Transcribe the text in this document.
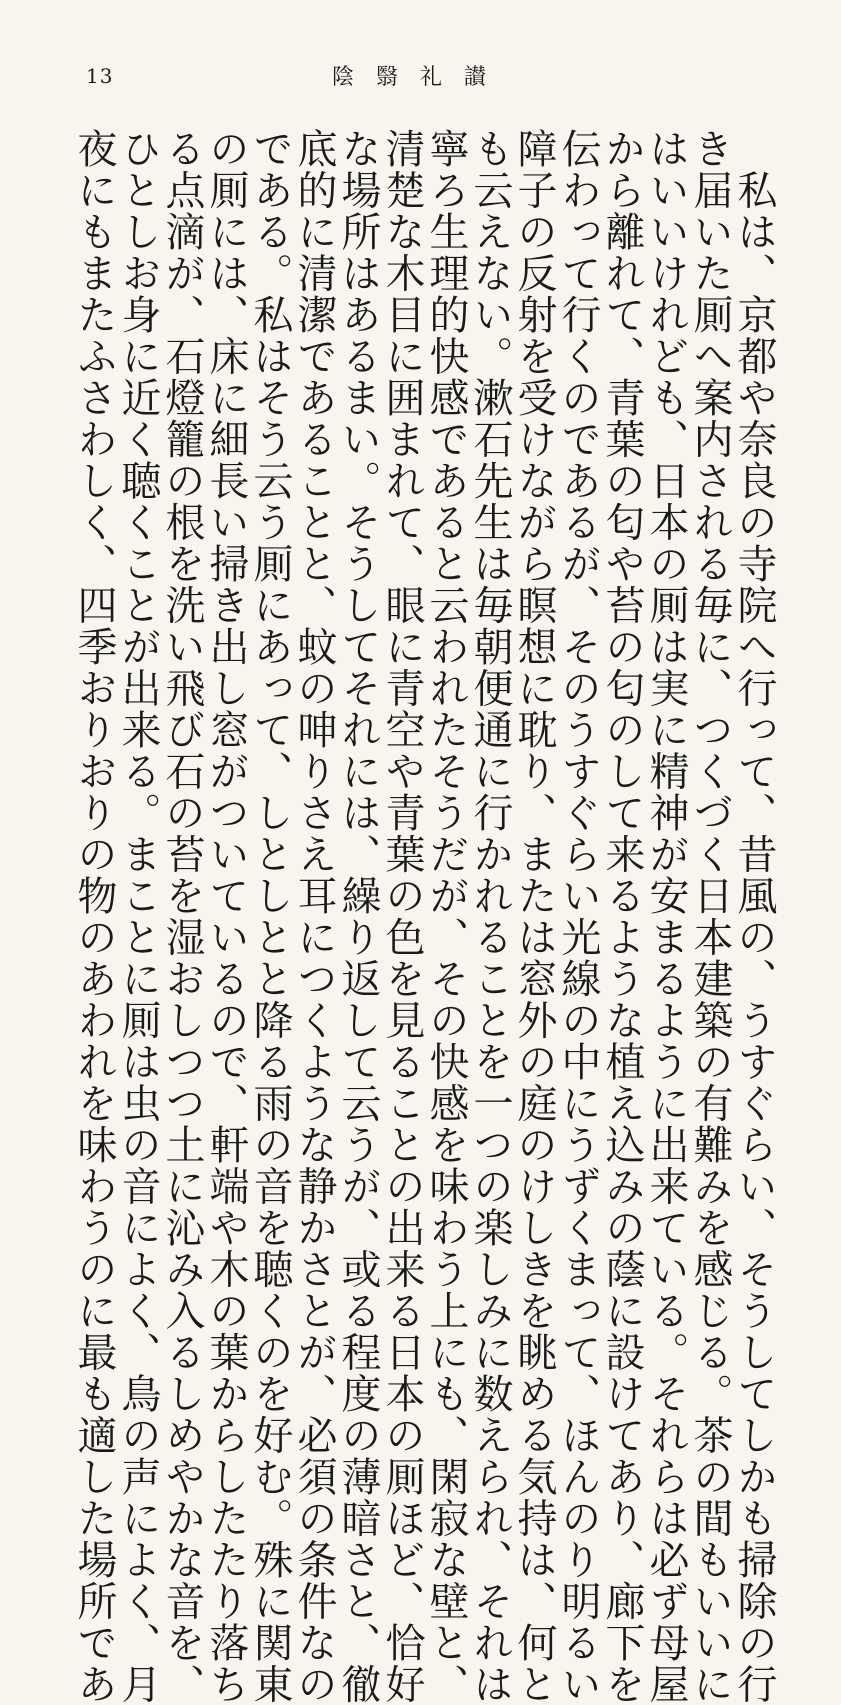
13	陰翳礼讃
　私は、京都や奈良の寺院へ行って、昔風の、うすぐらい、そうしてしかも掃除の行
き届いた厠へ案内される毎に、つくづく日本建築の有難みを感じる。茶の間もいいに
はいいけれども、日本の厠は実に精神が安まるように出来ている。それらは必ず母屋
から離れて、青葉の匂や苔の匂のして来るような植え込みの蔭に設けてあり、廊下を
伝わって行くのであるが、そのうすぐらい光線の中にうずくまって、ほんのり明るい
障子の反射を受けながら瞑想に耽り、または窓外の庭のけしきを眺める気持は、何と
も云えない。漱石先生は毎朝便通に行かれることを一つの楽しみに数えられ、それは
寧ろ生理的快感であると云われたそうだが、その快感を味わう上にも、閑寂な壁と、
清楚な木目に囲まれて、眼に青空や青葉の色を見ることの出来る日本の厠ほど、恰好
な場所はあるまい。そうしてそれには、繰り返して云うが、或る程度の薄暗さと、徹
底的に清潔であることと、蚊の呻りさえ耳につくような静かさとが、必須の条件なの
である。私はそう云う厠にあって、しとしとと降る雨の音を聴くのを好む。殊に関東
の厠には、床に細長い掃き出し窓がついているので、軒端や木の葉からしたたり落ち
る点滴が、石燈籠の根を洗い飛び石の苔を湿おしつつ土に沁み入るしめやかな音を、
ひとしお身に近く聴くことが出来る。まことに厠は虫の音によく、鳥の声によく、月
夜にもまたふさわしく、四季おりおりの物のあわれを味わうのに最も適した場所であ
